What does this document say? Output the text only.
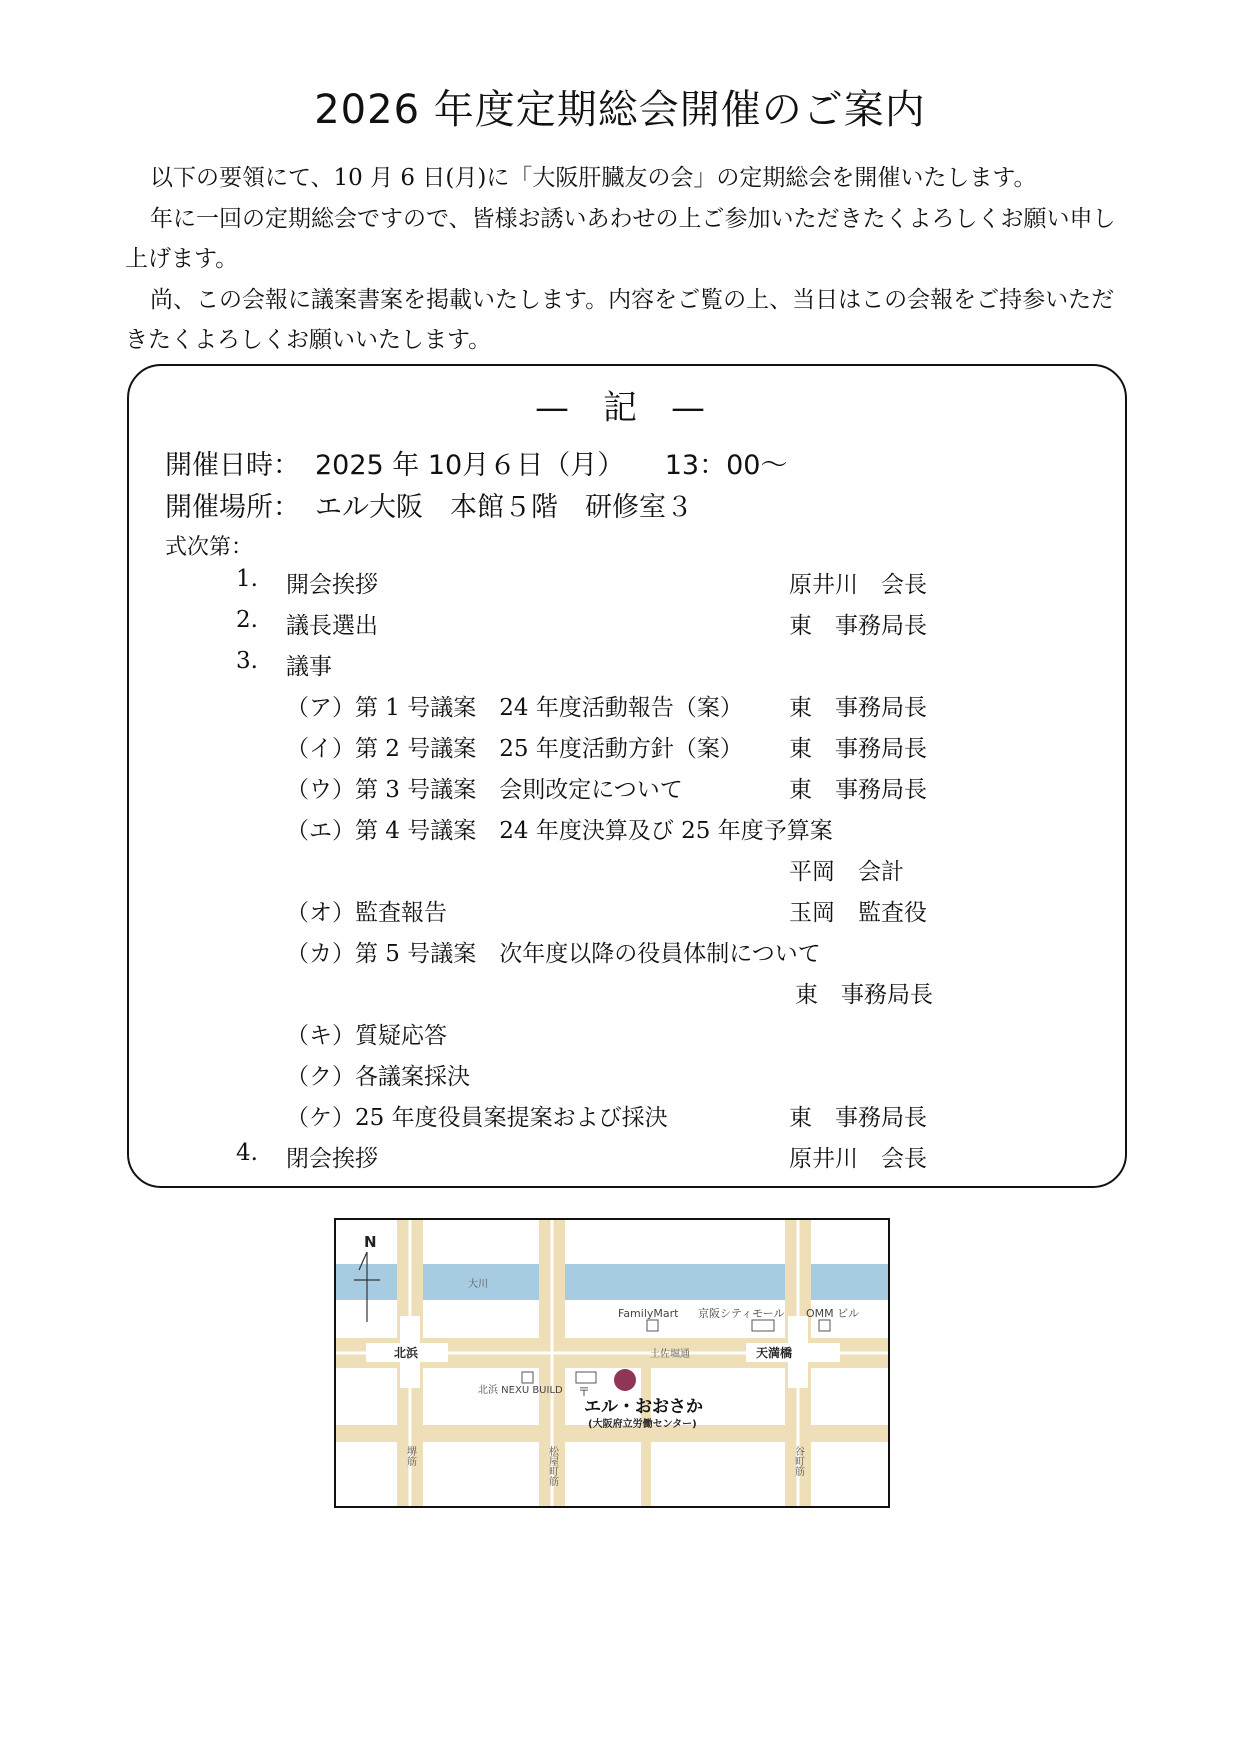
2026 年度定期総会開催のご案内

以下の要領にて、10 月 6 日(月)に「大阪肝臓友の会」の定期総会を開催いたします。

年に一回の定期総会ですので、皆様お誘いあわせの上ご参加いただきたくよろしくお願い申し上げます。

尚、この会報に議案書案を掲載いたします。内容をご覧の上、当日はこの会報をご持参いただきたくよろしくお願いいたします。

—　記　—
開催日時： 2025 年 10月６日（月）　　13：00～
開催場所： エル大阪　本館５階　研修室３
式次第：
1. 開会挨拶	原井川　会長
2. 議長選出	東　事務局長
3. 議事
（ア）第 1 号議案　24 年度活動報告（案） 東　事務局長
（イ）第 2 号議案　25 年度活動方針（案） 東　事務局長
（ウ）第 3 号議案　会則改定について	東　事務局長
（エ）第 4 号議案　24 年度決算及び 25 年度予算案
平岡　会計
（オ）監査報告	玉岡　監査役
（カ）第 5 号議案　次年度以降の役員体制について
東　事務局長
（キ）質疑応答
（ク）各議案採決
（ケ）25 年度役員案提案および採決	東　事務局長
4. 閉会挨拶	原井川　会長
N
〒
大川
FamilyMart 京阪シティモール OMM ビル
北浜	土佐堀通	天満橋
北浜 NEXU BUILD
エル・おおさか
(大阪府立労働センター)
堺筋	松屋町筋	谷町筋
